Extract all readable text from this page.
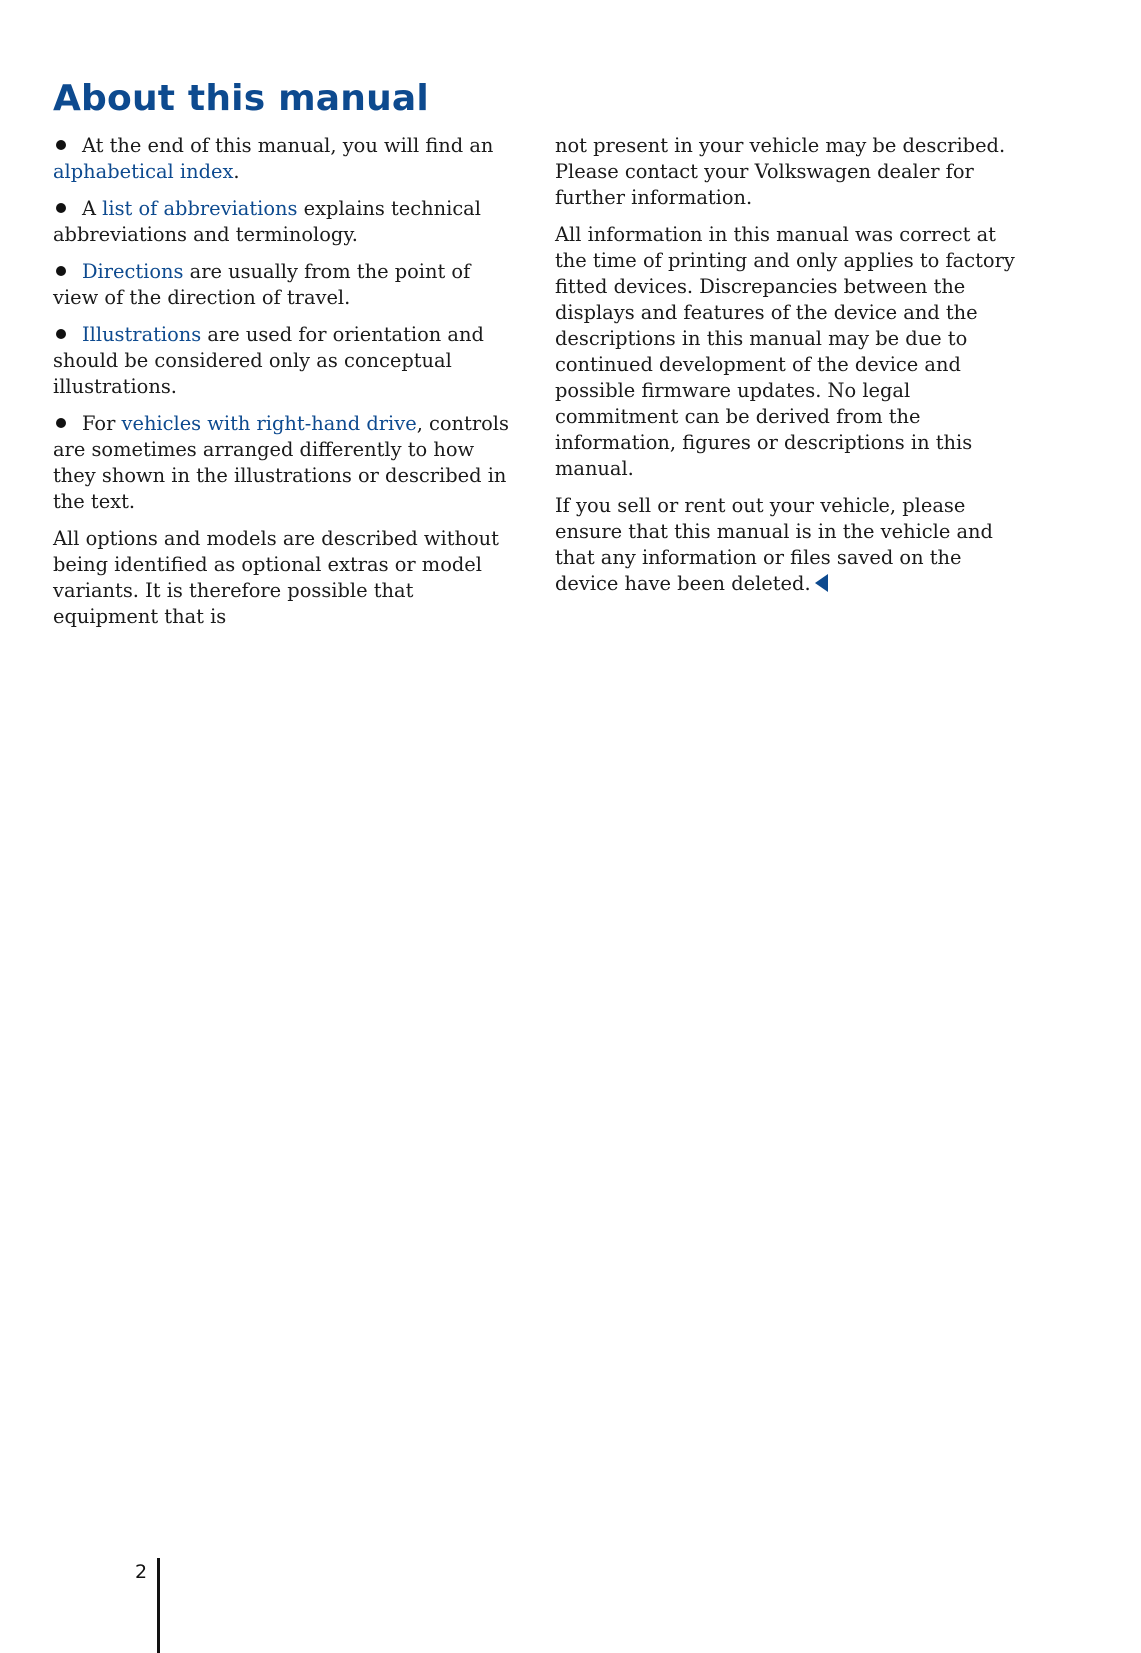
About this manual

At the end of this manual, you will find an alphabetical index.

A list of abbreviations explains technical abbreviations and terminology.

Directions are usually from the point of view of the direction of travel.

Illustrations are used for orientation and should be considered only as conceptual illustrations.

For vehicles with right-hand drive, controls are sometimes arranged differently to how they shown in the illustrations or described in the text.

All options and models are described without being identified as optional extras or model variants. It is therefore possible that equipment that is

not present in your vehicle may be described. Please contact your Volkswagen dealer for further information.

All information in this manual was correct at the time of printing and only applies to factory fitted devices. Discrepancies between the displays and features of the device and the descriptions in this manual may be due to continued development of the device and possible firmware updates. No legal commitment can be derived from the information, figures or descriptions in this manual.

If you sell or rent out your vehicle, please ensure that this manual is in the vehicle and that any information or files saved on the device have been deleted.

2
